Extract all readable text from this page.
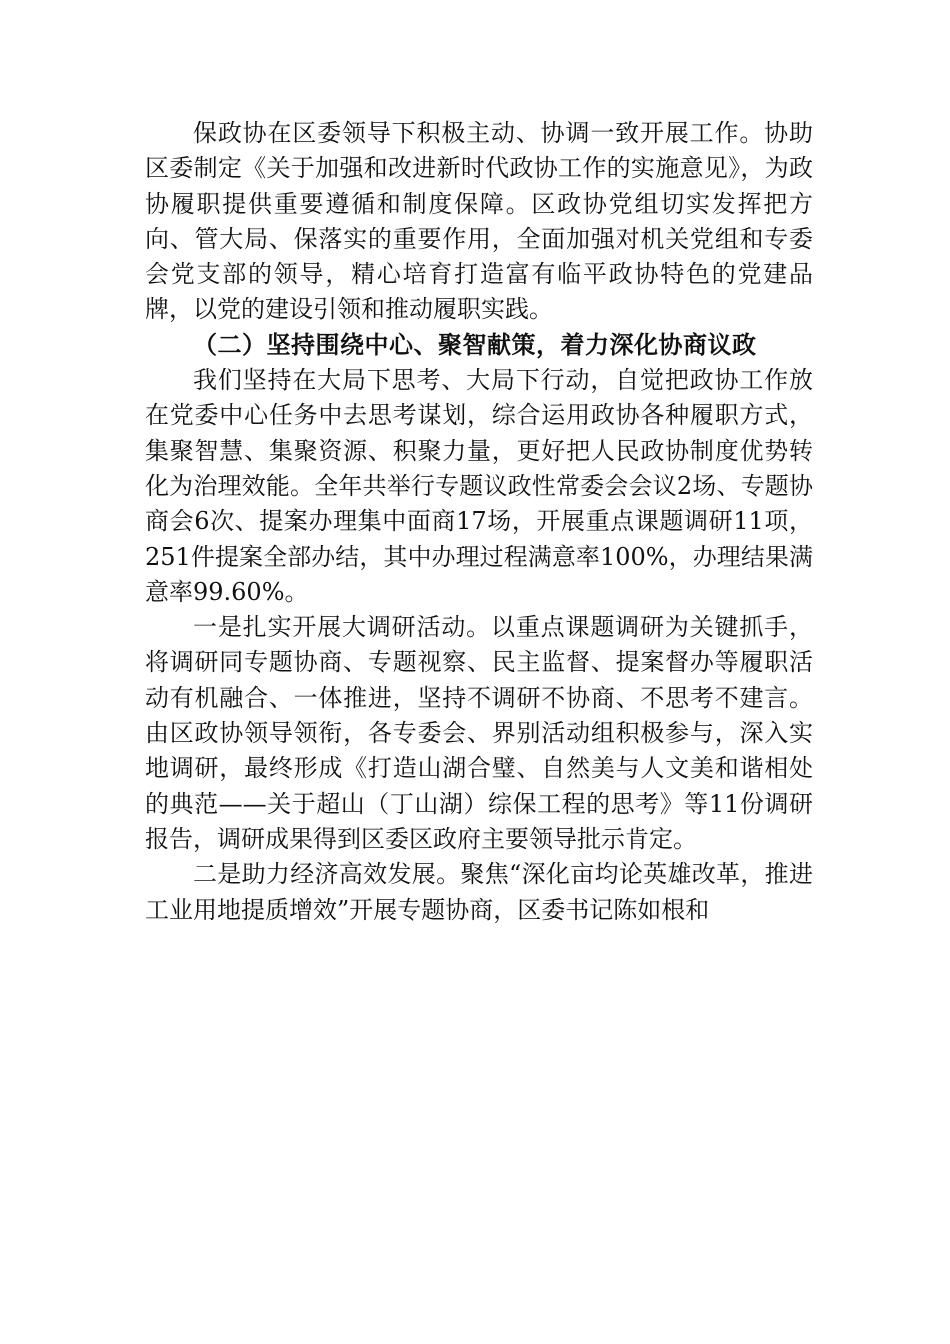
保政协在区委领导下积极主动、协调一致开展工作。协助区委制定《关于加强和改进新时代政协工作的实施意见》，为政协履职提供重要遵循和制度保障。区政协党组切实发挥把方向、管大局、保落实的重要作用，全面加强对机关党组和专委会党支部的领导，精心培育打造富有临平政协特色的党建品牌，以党的建设引领和推动履职实践。

（二）坚持围绕中心、聚智献策，着力深化协商议政

我们坚持在大局下思考、大局下行动，自觉把政协工作放在党委中心任务中去思考谋划，综合运用政协各种履职方式，集聚智慧、集聚资源、积聚力量，更好把人民政协制度优势转化为治理效能。全年共举行专题议政性常委会会议2场、专题协商会6次、提案办理集中面商17场，开展重点课题调研11项，251件提案全部办结，其中办理过程满意率100%，办理结果满意率99.60%。

一是扎实开展大调研活动。以重点课题调研为关键抓手，将调研同专题协商、专题视察、民主监督、提案督办等履职活动有机融合、一体推进，坚持不调研不协商、不思考不建言。由区政协领导领衔，各专委会、界别活动组积极参与，深入实地调研，最终形成《打造山湖合璧、自然美与人文美和谐相处的典范——关于超山（丁山湖）综保工程的思考》等11份调研报告，调研成果得到区委区政府主要领导批示肯定。

二是助力经济高效发展。聚焦“深化亩均论英雄改革，推进工业用地提质增效”开展专题协商，区委书记陈如根和
